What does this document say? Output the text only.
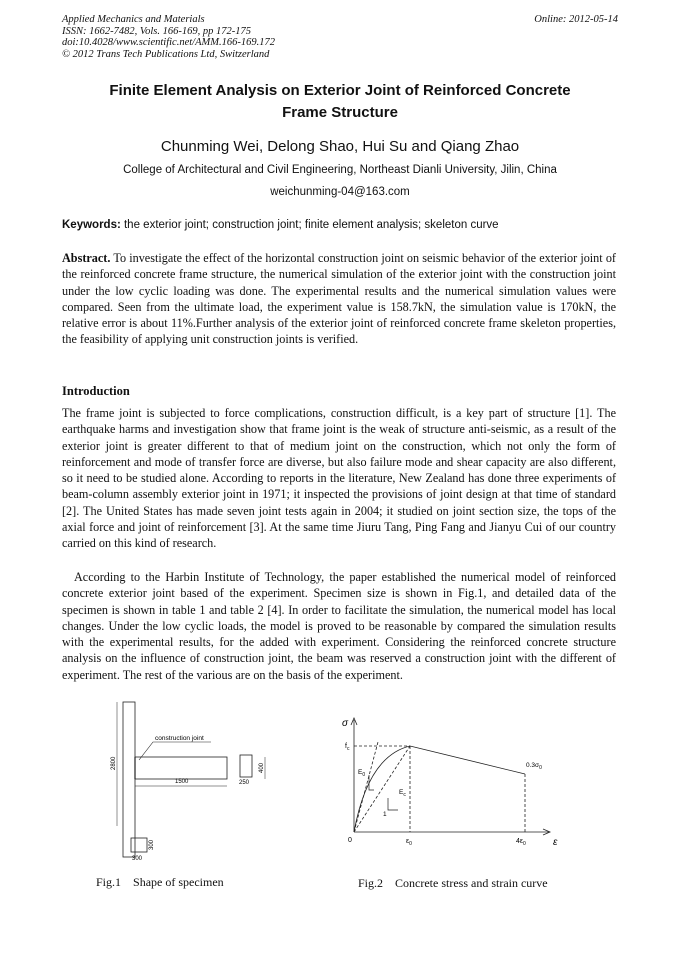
Applied Mechanics and Materials
ISSN: 1662-7482, Vols. 166-169, pp 172-175
doi:10.4028/www.scientific.net/AMM.166-169.172
© 2012 Trans Tech Publications Ltd, Switzerland
Online: 2012-05-14
Finite Element Analysis on Exterior Joint of Reinforced Concrete
Frame Structure
Chunming Wei, Delong Shao, Hui Su and Qiang Zhao
College of Architectural and Civil Engineering, Northeast Dianli University, Jilin, China
weichunming-04@163.com
Keywords: the exterior joint; construction joint; finite element analysis; skeleton curve
Abstract. To investigate the effect of the horizontal construction joint on seismic behavior of the exterior joint of the reinforced concrete frame structure, the numerical simulation of the exterior joint with the construction joint under the low cyclic loading was done. The experimental results and the numerical simulation values were compared. Seen from the ultimate load, the experiment value is 158.7kN, the simulation value is 170kN, the relative error is about 11%.Further analysis of the exterior joint of reinforced concrete frame skeleton properties, the feasibility of applying unit construction joints is verified.
Introduction
The frame joint is subjected to force complications, construction difficult, is a key part of structure [1]. The earthquake harms and investigation show that frame joint is the weak of structure anti-seismic, as a result of the exterior joint is greater different to that of medium joint on the construction, which not only the form of reinforcement and mode of transfer force are diverse, but also failure mode and shear capacity are also different, so it need to be studied alone. According to reports in the literature, New Zealand has done three experiments of beam-column assembly exterior joint in 1971; it inspected the provisions of joint design at that time of standard [2]. The United States has made seven joint tests again in 2004; it studied on joint section size, the tops of the axial force and joint of reinforcement [3]. At the same time Jiuru Tang, Ping Fang and Jianyu Cui of our country carried on this kind of research.
According to the Harbin Institute of Technology, the paper established the numerical model of reinforced concrete exterior joint based of the experiment. Specimen size is shown in Fig.1, and detailed data of the specimen is shown in table 1 and table 2 [4]. In order to facilitate the simulation, the numerical model has local changes. Under the low cyclic loads, the model is proved to be reasonable by compared the simulation results with the experimental results, for the added with experiment. Considering the reinforced concrete structure analysis on the influence of construction joint, the beam was reserved a construction joint with the different of experiment. The rest of the various are on the basis of the experiment.
construction joint
2800
1500
400
250
300
300
σ
ε
$f_c$
0	$\varepsilon_0$	$4\varepsilon_0$
$0.3\sigma_0$
$E_0$
$E_c$
1
Fig.1 Shape of specimen	Fig.2 Concrete stress and strain curve
